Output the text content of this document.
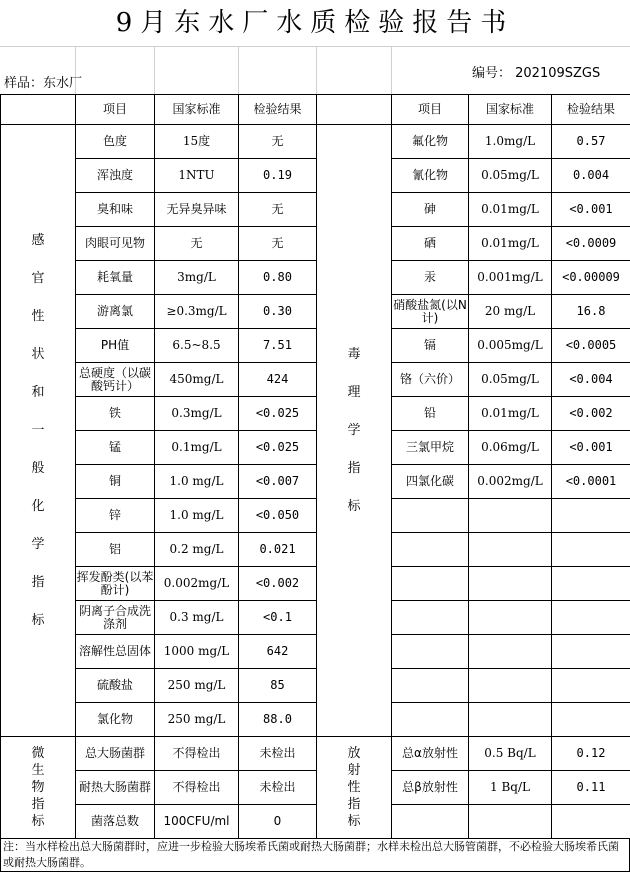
9月东水厂水质检验报告书
编号： 202109SZGS
样品：东水厂
	项目	国家标准	检验结果		项目	国家标准	检验结果
感官性状和一般化学指标	色度	15度	无	毒理学指标	氟化物	1.0mg/L	0.57
	浑浊度	1NTU	0.19		氰化物	0.05mg/L	0.004
	臭和味	无异臭异味	无		砷	0.01mg/L	<0.001
	肉眼可见物	无	无		硒	0.01mg/L	<0.0009
	耗氧量	3mg/L	0.80		汞	0.001mg/L	<0.00009
	游离氯	≥0.3mg/L	0.30		硝酸盐氮(以N计)	20 mg/L	16.8
	PH值	6.5~8.5	7.51		镉	0.005mg/L	<0.0005
	总硬度（以碳酸钙计）	450mg/L	424		铬（六价）	0.05mg/L	<0.004
	铁	0.3mg/L	<0.025		铅	0.01mg/L	<0.002
	锰	0.1mg/L	<0.025		三氯甲烷	0.06mg/L	<0.001
	铜	1.0 mg/L	<0.007		四氯化碳	0.002mg/L	<0.0001
	锌	1.0 mg/L	<0.050				
	铝	0.2 mg/L	0.021				
	挥发酚类(以苯酚计)	0.002mg/L	<0.002				
	阴离子合成洗涤剂	0.3 mg/L	<0.1				
	溶解性总固体	1000 mg/L	642				
	硫酸盐	250 mg/L	85				
	氯化物	250 mg/L	88.0				
微生物指标	总大肠菌群	不得检出	未检出	放射性指标	总α放射性	0.5 Bq/L	0.12
	耐热大肠菌群	不得检出	未检出		总β放射性	1 Bq/L	0.11
	菌落总数	100CFU/ml	0				
注：当水样检出总大肠菌群时，应进一步检验大肠埃希氏菌或耐热大肠菌群；水样未检出总大肠管菌群，不必检验大肠埃希氏菌或耐热大肠菌群。
